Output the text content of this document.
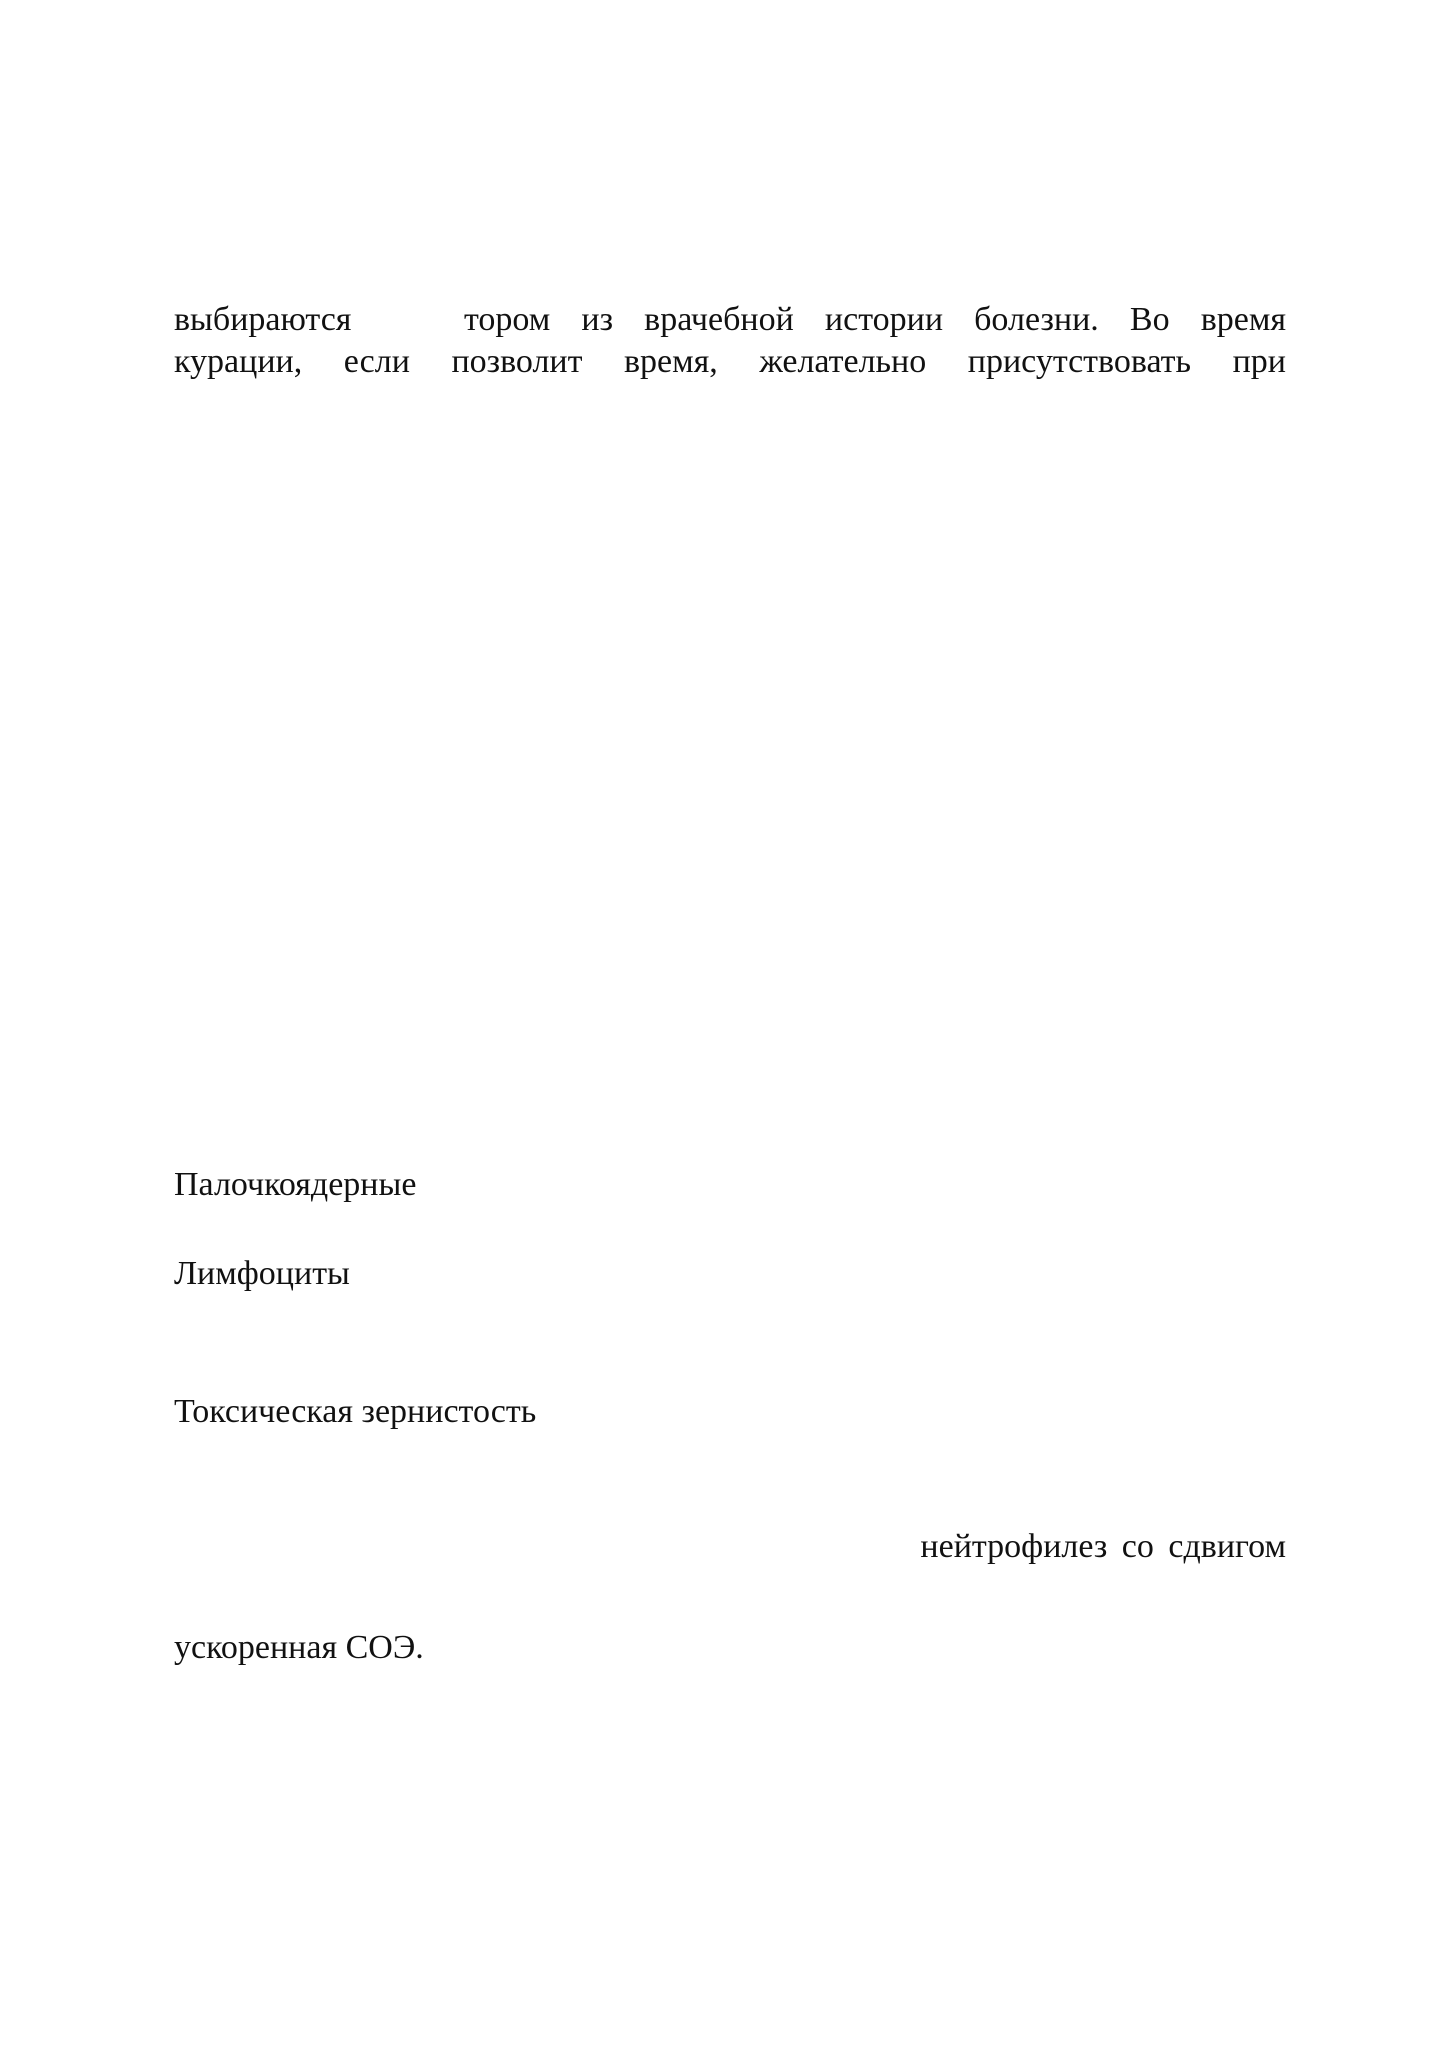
выбираются	тором из врачебной истории болезни. Во время
курации, если позволит время, желательно присутствовать при
Палочкоядерные
Лимфоциты
Токсическая зернистость
нейтрофилез со сдвигом
ускоренная СОЭ.
